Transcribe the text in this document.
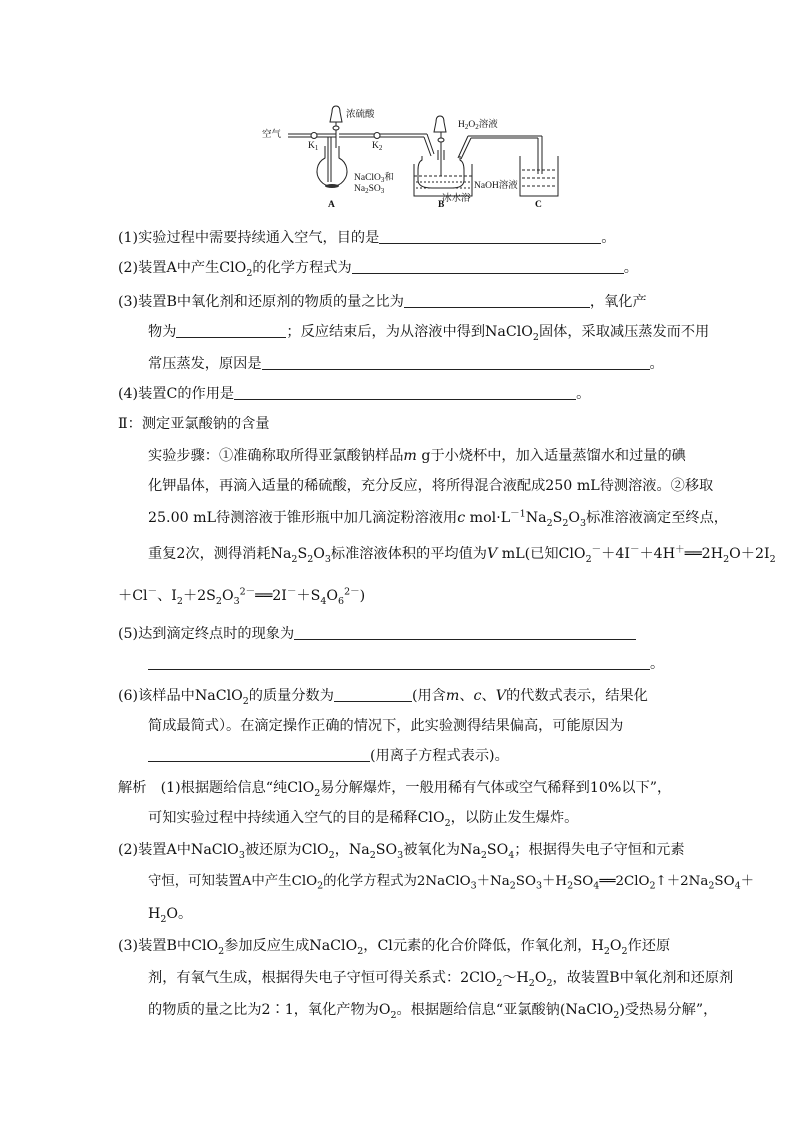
空气
浓硫酸
$K_1$	$K_2$
NaClO$_3$和
$Na_2SO_3$
$H_2O_2$溶液
NaOH溶液
冰水浴
A	B	C
(1)实验过程中需要持续通入空气，目的是	。
(2)装置A中产生ClO$_2$的化学方程式为	。
(3)装置B中氧化剂和还原剂的物质的量之比为	，氧化产
物为	；反应结束后，为从溶液中得到NaClO$_2$固体，采取减压蒸发而不用
常压蒸发，原因是	。
(4)装置C的作用是	。
Ⅱ：测定亚氯酸钠的含量
实验步骤：①准确称取所得亚氯酸钠样品m g于小烧杯中，加入适量蒸馏水和过量的碘
化钾晶体，再滴入适量的稀硫酸，充分反应，将所得混合液配成250 mL待测溶液。②移取
25.00 mL待测溶液于锥形瓶中加几滴淀粉溶液用c $mol\cdot L^{-1}Na_2S_2O_3$标准溶液滴定至终点，
重复2次，测得消耗$Na_2S_2O_3$标准溶液体积的平均值为V mL(已知$ClO_2^-+4I^-+4H^+══2H_2O+2I_2$
＋Cl－、$I_2+2S_2O_3^{2-}══2I^-+S_4O_6^{2-}$)
(5)达到滴定终点时的现象为
。
(6)该样品中NaClO$_2$的质量分数为	(用含m、c、V的代数式表示，结果化
简成最简式）。在滴定操作正确的情况下，此实验测得结果偏高，可能原因为
(用离子方程式表示)。
解析　(1)根据题给信息“纯ClO$_2$易分解爆炸，一般用稀有气体或空气稀释到10%以下”，
可知实验过程中持续通入空气的目的是稀释ClO$_2$，以防止发生爆炸。
(2)装置A中NaClO$_3$被还原为ClO$_2$，$Na_2SO_3$被氧化为$Na_2SO_4$；根据得失电子守恒和元素
守恒，可知装置A中产生ClO$_2$的化学方程式为$2NaClO_3+Na_2SO_3+H_2SO_4══2ClO_2↑+2Na_2SO_4+$
$H_2O$。
(3)装置B中ClO$_2$参加反应生成NaClO$_2$，Cl元素的化合价降低，作氧化剂，$H_2O_2$作还原
剂，有氧气生成，根据得失电子守恒可得关系式：$2ClO_2\sim H_2O_2$，故装置B中氧化剂和还原剂
的物质的量之比为2∶1，氧化产物为$O_2$。根据题给信息“亚氯酸钠(NaClO$_2$)受热易分解”，
